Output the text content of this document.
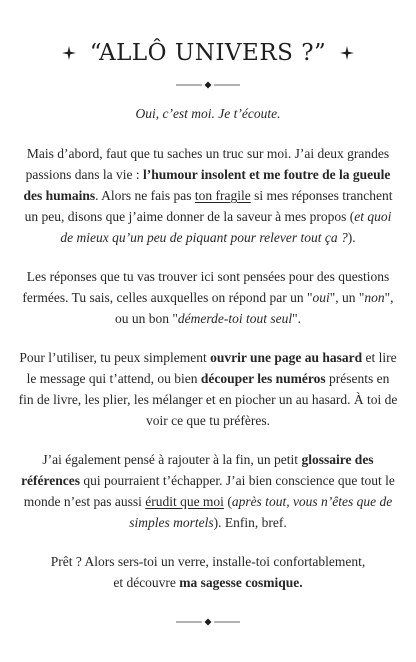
“ALLÔ UNIVERS ?”
Oui, c’est moi. Je t’écoute.
Mais d’abord, faut que tu saches un truc sur moi. J’ai deux grandes
passions dans la vie : l’humour insolent et me foutre de la gueule
des humains. Alors ne fais pas ton fragile si mes réponses tranchent
un peu, disons que j’aime donner de la saveur à mes propos (et quoi
de mieux qu’un peu de piquant pour relever tout ça ?).
Les réponses que tu vas trouver ici sont pensées pour des questions
fermées. Tu sais, celles auxquelles on répond par un "oui", un "non",
ou un bon "démerde-toi tout seul".
Pour l’utiliser, tu peux simplement ouvrir une page au hasard et lire
le message qui t’attend, ou bien découper les numéros présents en
fin de livre, les plier, les mélanger et en piocher un au hasard. À toi de
voir ce que tu préfères.
J’ai également pensé à rajouter à la fin, un petit glossaire des
références qui pourraient t’échapper. J’ai bien conscience que tout le
monde n’est pas aussi érudit que moi (après tout, vous n’êtes que de
simples mortels). Enfin, bref.
Prêt ? Alors sers-toi un verre, installe-toi confortablement,
et découvre ma sagesse cosmique.
